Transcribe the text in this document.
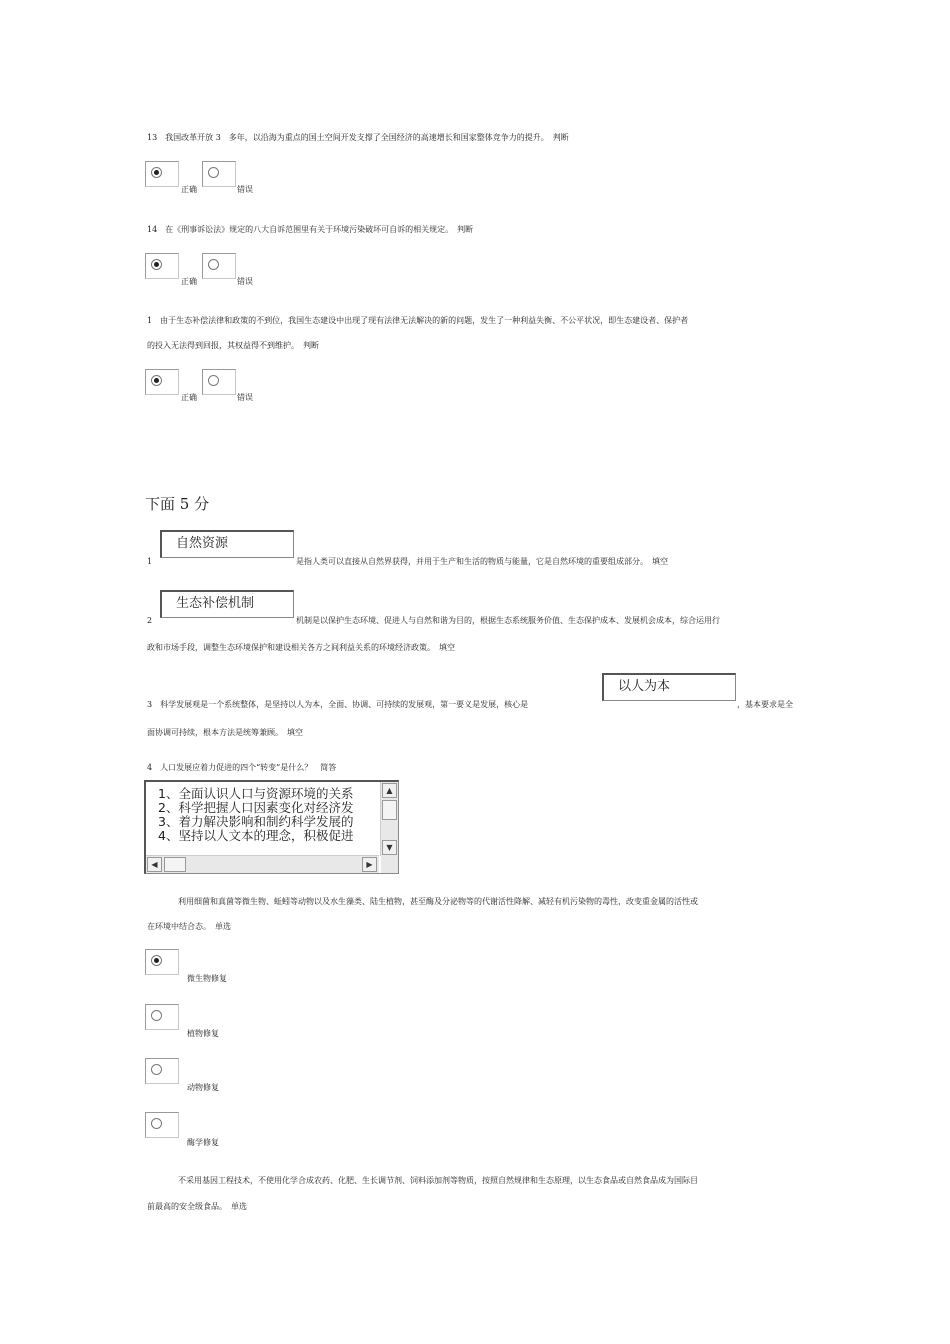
13　我国改革开放 3　多年，以沿海为重点的国土空间开发支撑了全国经济的高速增长和国家整体竞争力的提升。　判断
正确	错误
14　在《刑事诉讼法》规定的八大自诉范围里有关于环境污染破坏可自诉的相关规定。　判断
正确	错误
1　由于生态补偿法律和政策的不到位，我国生态建设中出现了现有法律无法解决的新的问题，发生了一种利益失衡、不公平状况，即生态建设者、保护者
的投入无法得到回报，其权益得不到维护。　判断
正确	错误
下面 5 分
自然资源
1	是指人类可以直接从自然界获得，并用于生产和生活的物质与能量，它是自然环境的重要组成部分。　填空
生态补偿机制
2	机制是以保护生态环境、促进人与自然和谐为目的，根据生态系统服务价值、生态保护成本、发展机会成本，综合运用行
政和市场手段，调整生态环境保护和建设相关各方之间利益关系的环境经济政策。　填空
以人为本
3　科学发展观是一个系统整体，是坚持以人为本，全面、协调、可持续的发展观，第一要义是发展，核心是	，基本要求是全
面协调可持续，根本方法是统筹兼顾。　填空
4　人口发展应着力促进的四个“转变”是什么？　简答
1、全面认识人口与资源环境的关系
2、科学把握人口因素变化对经济发
3、着力解决影响和制约科学发展的
4、坚持以人文本的理念，积极促进
▲
▼
◀	▶
利用细菌和真菌等微生物、蚯蚓等动物以及水生藻类、陆生植物，甚至酶及分泌物等的代谢活性降解、减轻有机污染物的毒性，改变重金属的活性或
在环境中结合态。　单选
微生物修复
植物修复
动物修复
酶学修复
不采用基因工程技术，不使用化学合成农药、化肥、生长调节剂、饲料添加剂等物质，按照自然规律和生态原理，以生态食品或自然食品成为国际目
前最高的安全级食品。　单选
